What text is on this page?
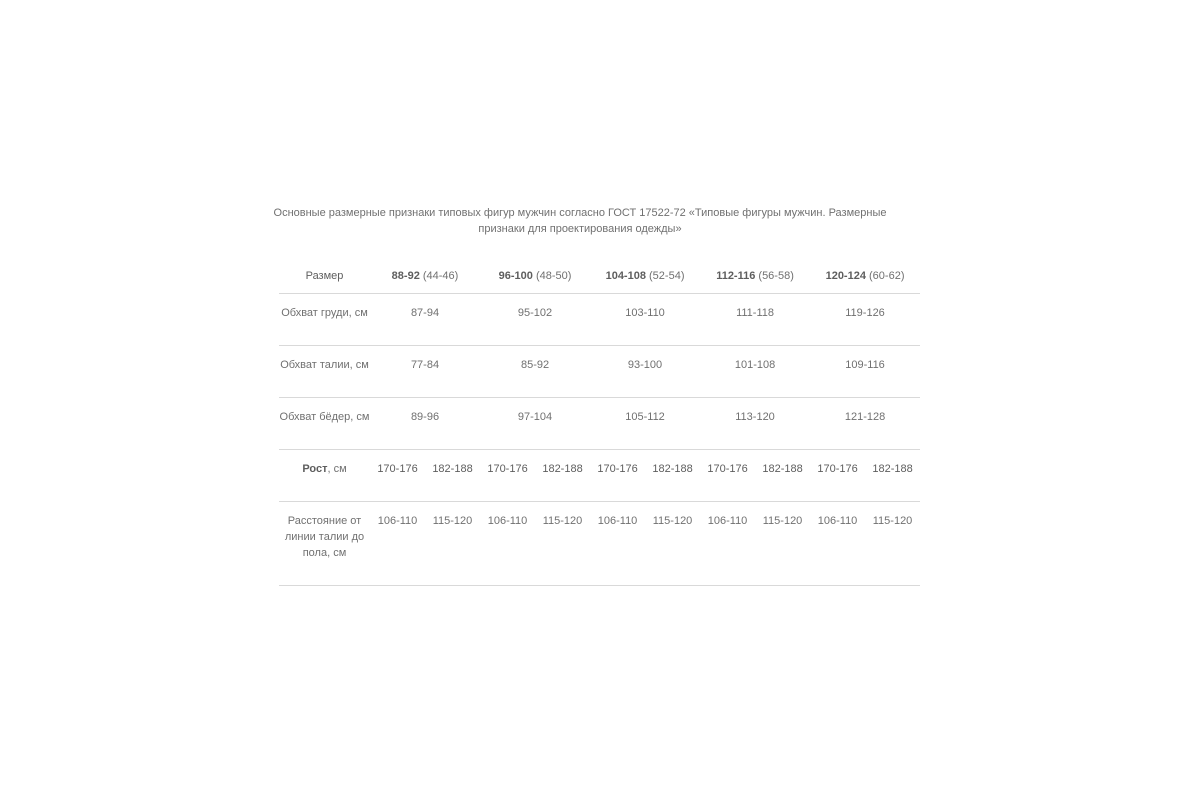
Основные размерные признаки типовых фигур мужчин согласно ГОСТ 17522-72 «Типовые фигуры мужчин. Размерные признаки для проектирования одежды»
Размер	88-92 (44-46)		96-100 (48-50)		104-108 (52-54)		112-116 (56-58)		120-124 (60-62)	
Обхват груди, см	87-94		95-102		103-110		111-118		119-126	
Обхват талии, см	77-84		85-92		93-100		101-108		109-116	
Обхват бёдер, см	89-96		97-104		105-112		113-120		121-128	
Рост, см	170-176	182-188	170-176	182-188	170-176	182-188	170-176	182-188	170-176	182-188
Расстояние от линии талии до пола, см	106-110	115-120	106-110	115-120	106-110	115-120	106-110	115-120	106-110	115-120
